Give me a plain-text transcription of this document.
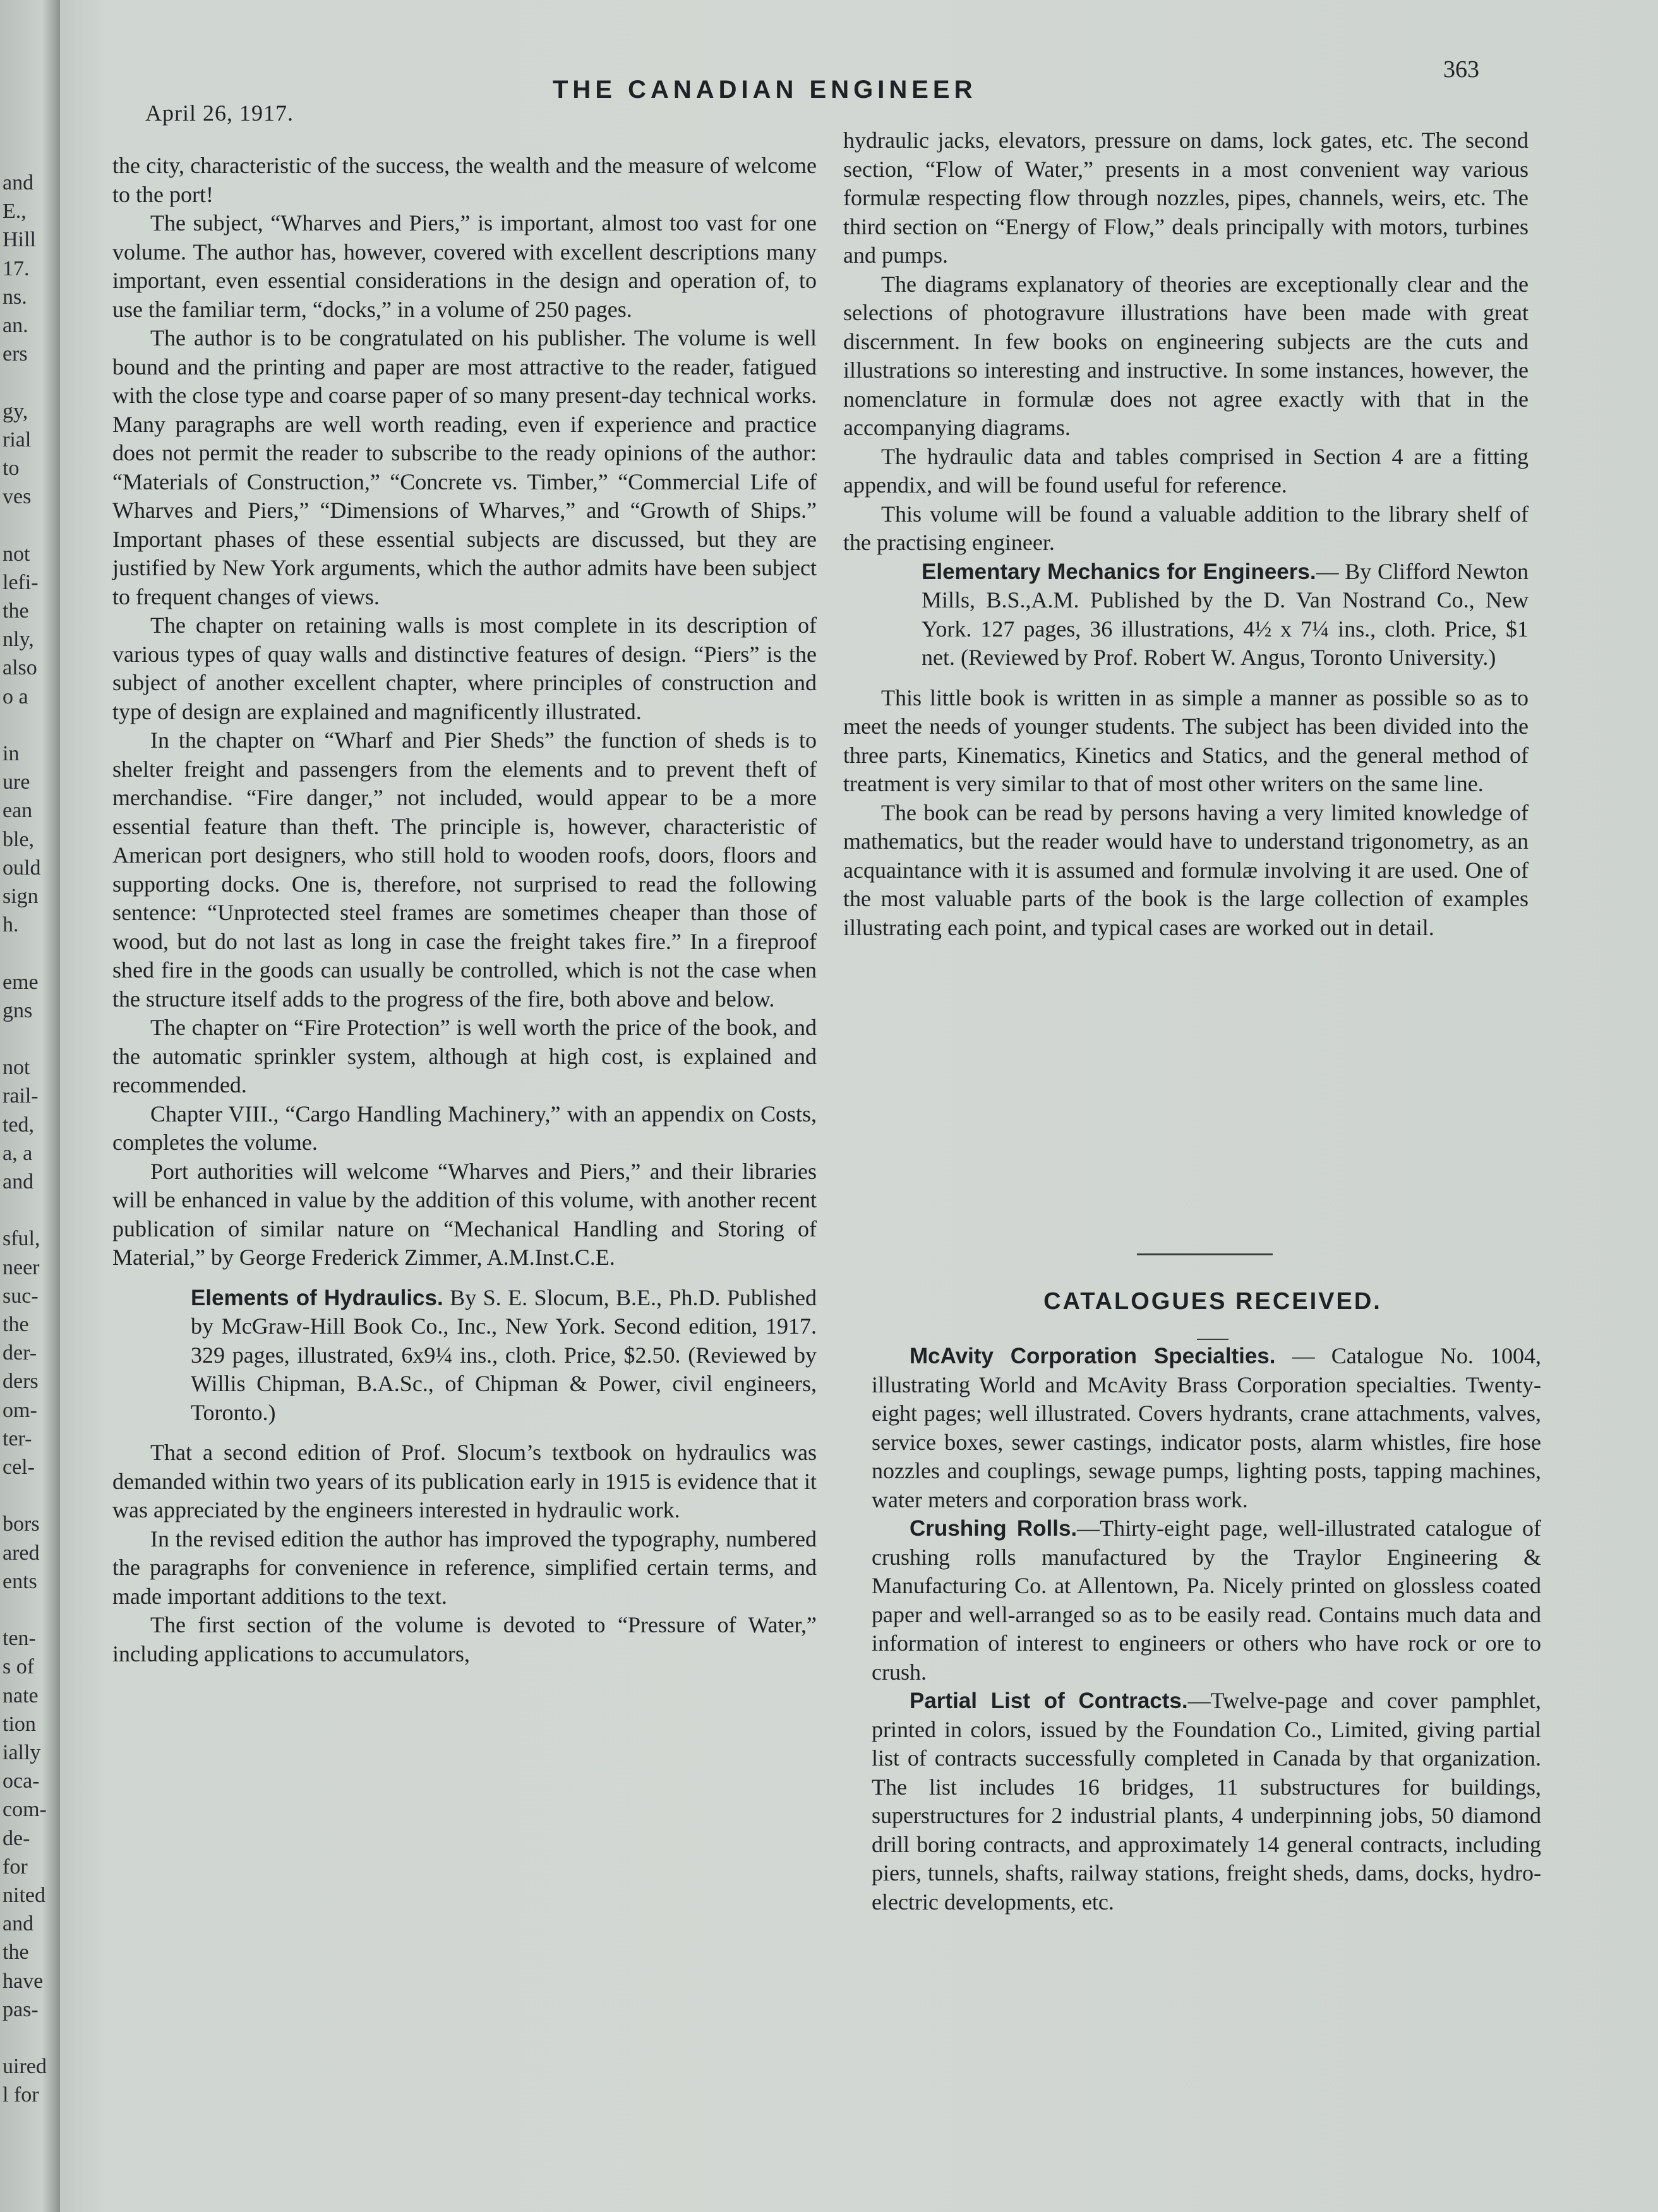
and
E.,
Hill
17.
ns.
an.
ers
gy,
rial
to
ves
not
lefi-
the
nly,
also
o a
in
ure
ean
ble,
ould
sign
h.
eme
gns
not
rail-
ted,
a, a
and
sful,
neer
suc-
the
der-
ders
om-
ter-
cel-
bors
ared
ents
ten-
s of
nate
tion
ially
oca-
com-
de-
for
nited
and
the
have
pas-
uired
l for
April 26, 1917.
THE CANADIAN ENGINEER
363

the city, characteristic of the success, the wealth and the measure of welcome to the port!

The subject, “Wharves and Piers,” is important, almost too vast for one volume. The author has, however, covered with excellent descriptions many important, even essential considerations in the design and operation of, to use the familiar term, “docks,” in a volume of 250 pages.

The author is to be congratulated on his publisher. The volume is well bound and the printing and paper are most attractive to the reader, fatigued with the close type and coarse paper of so many present-day technical works. Many paragraphs are well worth reading, even if experience and practice does not permit the reader to subscribe to the ready opinions of the author: “Materials of Construction,” “Concrete vs. Timber,” “Commercial Life of Wharves and Piers,” “Dimensions of Wharves,” and “Growth of Ships.” Important phases of these essential subjects are discussed, but they are justified by New York arguments, which the author admits have been subject to frequent changes of views.

The chapter on retaining walls is most complete in its description of various types of quay walls and distinctive features of design. “Piers” is the subject of another excellent chapter, where principles of construction and type of design are explained and magnificently illustrated.

In the chapter on “Wharf and Pier Sheds” the function of sheds is to shelter freight and passengers from the elements and to prevent theft of merchandise. “Fire danger,” not included, would appear to be a more essential feature than theft. The principle is, however, characteristic of American port designers, who still hold to wooden roofs, doors, floors and supporting docks. One is, therefore, not surprised to read the following sentence: “Unprotected steel frames are sometimes cheaper than those of wood, but do not last as long in case the freight takes fire.” In a fireproof shed fire in the goods can usually be controlled, which is not the case when the structure itself adds to the progress of the fire, both above and below.

The chapter on “Fire Protection” is well worth the price of the book, and the automatic sprinkler system, although at high cost, is explained and recommended.

Chapter VIII., “Cargo Handling Machinery,” with an appendix on Costs, completes the volume.

Port authorities will welcome “Wharves and Piers,” and their libraries will be enhanced in value by the addition of this volume, with another recent publication of similar nature on “Mechanical Handling and Storing of Material,” by George Frederick Zimmer, A.M.Inst.C.E.

Elements of Hydraulics. By S. E. Slocum, B.E., Ph.D. Published by McGraw-Hill Book Co., Inc., New York. Second edition, 1917. 329 pages, illustrated, 6x9¼ ins., cloth. Price, $2.50. (Reviewed by Willis Chipman, B.A.Sc., of Chipman & Power, civil engineers, Toronto.)

That a second edition of Prof. Slocum’s textbook on hydraulics was demanded within two years of its publication early in 1915 is evidence that it was appreciated by the engineers interested in hydraulic work.

In the revised edition the author has improved the typography, numbered the paragraphs for convenience in reference, simplified certain terms, and made important additions to the text.

The first section of the volume is devoted to “Pressure of Water,” including applications to accumulators,

hydraulic jacks, elevators, pressure on dams, lock gates, etc. The second section, “Flow of Water,” presents in a most convenient way various formulæ respecting flow through nozzles, pipes, channels, weirs, etc. The third section on “Energy of Flow,” deals principally with motors, turbines and pumps.

The diagrams explanatory of theories are exceptionally clear and the selections of photogravure illustrations have been made with great discernment. In few books on engineering subjects are the cuts and illustrations so interesting and instructive. In some instances, however, the nomenclature in formulæ does not agree exactly with that in the accompanying diagrams.

The hydraulic data and tables comprised in Section 4 are a fitting appendix, and will be found useful for reference.

This volume will be found a valuable addition to the library shelf of the practising engineer.

Elementary Mechanics for Engineers.— By Clifford Newton Mills, B.S.,A.M. Published by the D. Van Nostrand Co., New York. 127 pages, 36 illustrations, 4½ x 7¼ ins., cloth. Price, $1 net. (Reviewed by Prof. Robert W. Angus, Toronto University.)

This little book is written in as simple a manner as possible so as to meet the needs of younger students. The subject has been divided into the three parts, Kinematics, Kinetics and Statics, and the general method of treatment is very similar to that of most other writers on the same line.

The book can be read by persons having a very limited knowledge of mathematics, but the reader would have to understand trigonometry, as an acquaintance with it is assumed and formulæ involving it are used. One of the most valuable parts of the book is the large collection of examples illustrating each point, and typical cases are worked out in detail.

CATALOGUES RECEIVED.

McAvity Corporation Specialties. — Catalogue No. 1004, illustrating World and McAvity Brass Corporation specialties. Twenty-eight pages; well illustrated. Covers hydrants, crane attachments, valves, service boxes, sewer castings, indicator posts, alarm whistles, fire hose nozzles and couplings, sewage pumps, lighting posts, tapping machines, water meters and corporation brass work.

Crushing Rolls.—Thirty-eight page, well-illustrated catalogue of crushing rolls manufactured by the Traylor Engineering & Manufacturing Co. at Allentown, Pa. Nicely printed on glossless coated paper and well-arranged so as to be easily read. Contains much data and information of interest to engineers or others who have rock or ore to crush.

Partial List of Contracts.—Twelve-page and cover pamphlet, printed in colors, issued by the Foundation Co., Limited, giving partial list of contracts successfully completed in Canada by that organization. The list includes 16 bridges, 11 substructures for buildings, superstructures for 2 industrial plants, 4 underpinning jobs, 50 diamond drill boring contracts, and approximately 14 general contracts, including piers, tunnels, shafts, railway stations, freight sheds, dams, docks, hydro-electric developments, etc.
